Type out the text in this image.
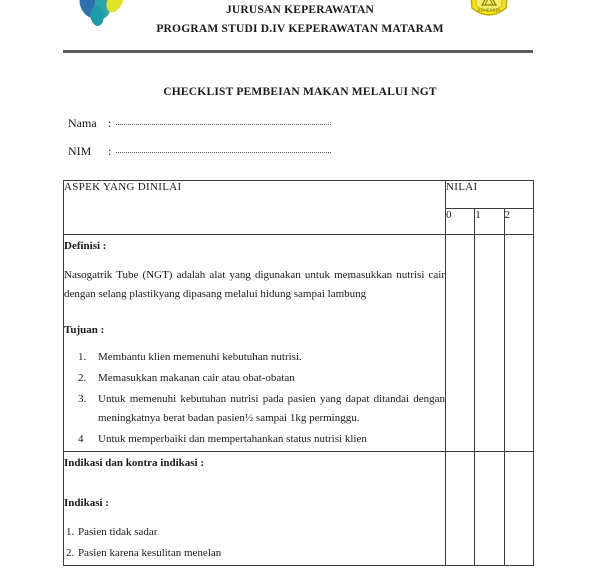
KEMENKES
JURUSAN KEPERAWATAN
PROGRAM STUDI D.IV KEPERAWATAN MATARAM
CHECKLIST PEMBEIAN MAKAN MELALUI NGT
Nama :
NIM	:
ASPEK YANG DINILAI	NILAI		
	0	1	2

Definisi :
Nasogatrik Tube (NGT) adalah alat yang digunakan untuk memasukkan nutrisi cair dengan selang plastikyang dipasang melalui hidung sampai lambung
Tujuan :
1.	Membantu klien memenuhi kebutuhan nutrisi.
2.	Memasukkan makanan cair atau obat-obatan
3.	Untuk memenuhi kebutuhan nutrisi pada pasien yang dapat ditandai dengan meningkatnya berat badan pasien½ sampai 1kg perminggu.
4	Untuk memperbaiki dan mempertahankan status nutrisi klien

Indikasi dan kontra indikasi :
Indikasi :
1. Pasien tidak sadar
2. Pasien karena kesulitan menelan
